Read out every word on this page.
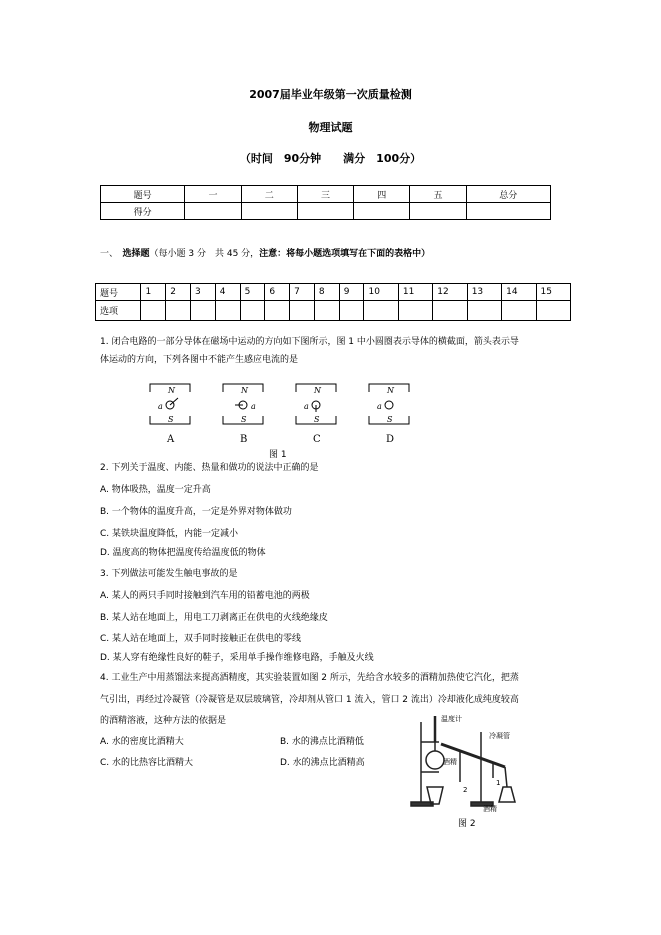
2007届毕业年级第一次质量检测
物理试题
（时间　90分钟　　满分　100分）
题号	一	二	三	四	五	总分
得分						
一、　 选择题（每小题 3 分　共 45 分，注意：将每小题选项填写在下面的表格中）
题号	1	2	3	4	5	6	7	8	9	10	11	12	13	14	15
选项															
1. 闭合电路的一部分导体在磁场中运动的方向如下图所示，图 1 中小圆圈表示导体的横截面，箭头表示导
体运动的方向，下列各图中不能产生感应电流的是
N
S
a
A
N
S
a
B
N
S
a
C
N
S
a
D
图 1
2. 下列关于温度、内能、热量和做功的说法中正确的是
A. 物体吸热，温度一定升高
B. 一个物体的温度升高，一定是外界对物体做功
C. 某铁块温度降低，内能一定减小
D. 温度高的物体把温度传给温度低的物体
3. 下列做法可能发生触电事故的是
A. 某人的两只手同时接触到汽车用的铅蓄电池的两极
B. 某人站在地面上，用电工刀剥离正在供电的火线绝缘皮
C. 某人站在地面上，双手同时接触正在供电的零线
D. 某人穿有绝缘性良好的鞋子，采用单手操作维修电路，手触及火线
4. 工业生产中用蒸馏法来提高酒精度，其实验装置如图 2 所示，先给含水较多的酒精加热使它汽化，把蒸
气引出，再经过冷凝管（冷凝管是双层玻璃管，冷却剂从管口 1 流入，管口 2 流出）冷却液化成纯度较高
的酒精溶液，这种方法的依据是
A. 水的密度比酒精大	B. 水的沸点比酒精低
C. 水的比热容比酒精大	D. 水的沸点比酒精高
温度计
冷凝管
酒精
酒精
2
1
图 2
